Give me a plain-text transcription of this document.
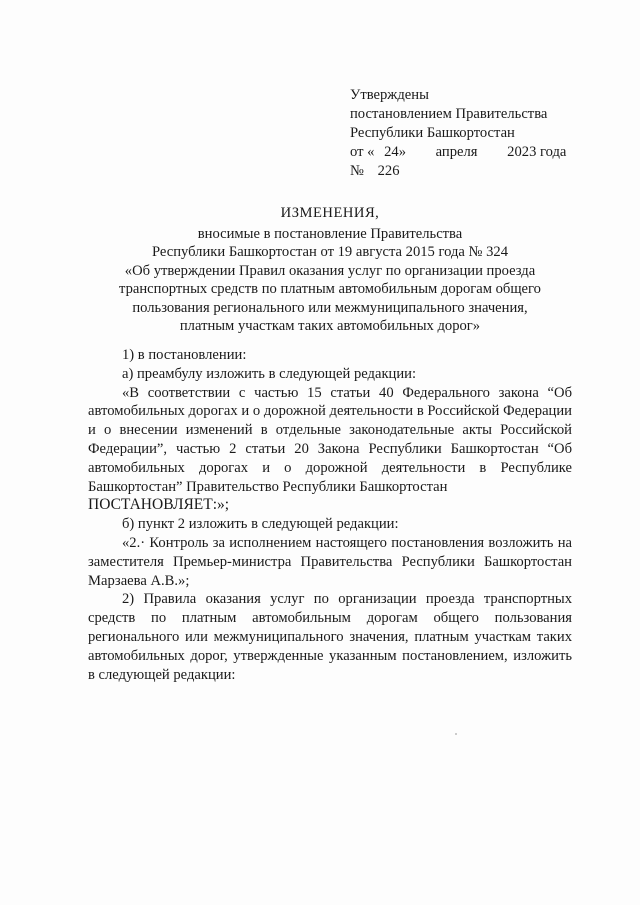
Утверждены
постановлением Правительства
Республики Башкортостан
от « 24» апреля 2023 года
№ 226
ИЗМЕНЕНИЯ,
вносимые в постановление Правительства
Республики Башкортостан от 19 августа 2015 года № 324
«Об утверждении Правил оказания услуг по организации проезда
транспортных средств по платным автомобильным дорогам общего
пользования регионального или межмуниципального значения,
платным участкам таких автомобильных дорог»

1) в постановлении:

а) преамбулу изложить в следующей редакции:

«В соответствии с частью 15 статьи 40 Федерального закона “Об автомобильных дорогах и о дорожной деятельности в Российской Федерации и о внесении изменений в отдельные законодательные акты Российской Федерации”, частью 2 статьи 20 Закона Республики Башкортостан “Об автомобильных дорогах и о дорожной деятельности в Республике Башкортостан” Правительство Республики Башкортостан

ПОСТАНОВЛЯЕТ:»;

б) пункт 2 изложить в следующей редакции:

«2.· Контроль за исполнением настоящего постановления возложить на заместителя Премьер-министра Правительства Республики Башкортостан Марзаева А.В.»;

2) Правила оказания услуг по организации проезда транспортных средств по платным автомобильным дорогам общего пользования регионального или межмуниципального значения, платным участкам таких автомобильных дорог, утвержденные указанным постановлением, изложить в следующей редакции:
